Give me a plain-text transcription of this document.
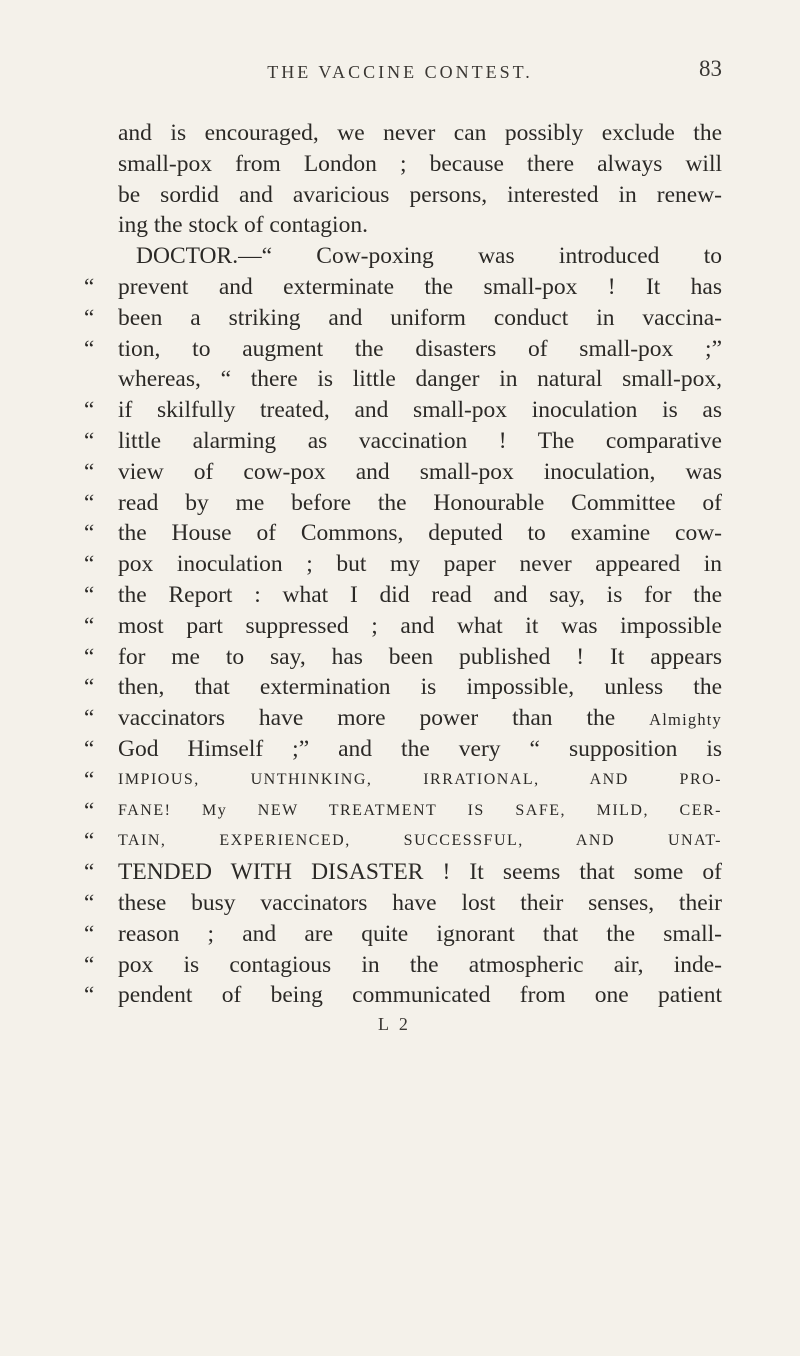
THE VACCINE CONTEST.	83
and is encouraged, we never can possibly exclude the
small-pox from London ; because there always will
be sordid and avaricious persons, interested in renew-
ing the stock of contagion.
DOCTOR.—“ Cow-poxing was introduced to
“	prevent and exterminate the small-pox ! It has
“	been a striking and uniform conduct in vaccina-
“	tion, to augment the disasters of small-pox ;”
whereas, “ there is little danger in natural small-pox,
“	if skilfully treated, and small-pox inoculation is as
“	little alarming as vaccination ! The comparative
“	view of cow-pox and small-pox inoculation, was
“	read by me before the Honourable Committee of
“	the House of Commons, deputed to examine cow-
“	pox inoculation ; but my paper never appeared in
“	the Report : what I did read and say, is for the
“	most part suppressed ; and what it was impossible
“	for me to say, has been published ! It appears
“	then, that extermination is impossible, unless the
“	vaccinators have more power than the Almighty
“	God Himself ;” and the very “ supposition is
“	IMPIOUS, UNTHINKING, IRRATIONAL, AND PRO-
“	FANE! My NEW TREATMENT IS SAFE, MILD, CER-
“	TAIN, EXPERIENCED, SUCCESSFUL, AND UNAT-
“	TENDED WITH DISASTER ! It seems that some of
“	these busy vaccinators have lost their senses, their
“	reason ; and are quite ignorant that the small-
“	pox is contagious in the atmospheric air, inde-
“	pendent of being communicated from one patient
L 2
